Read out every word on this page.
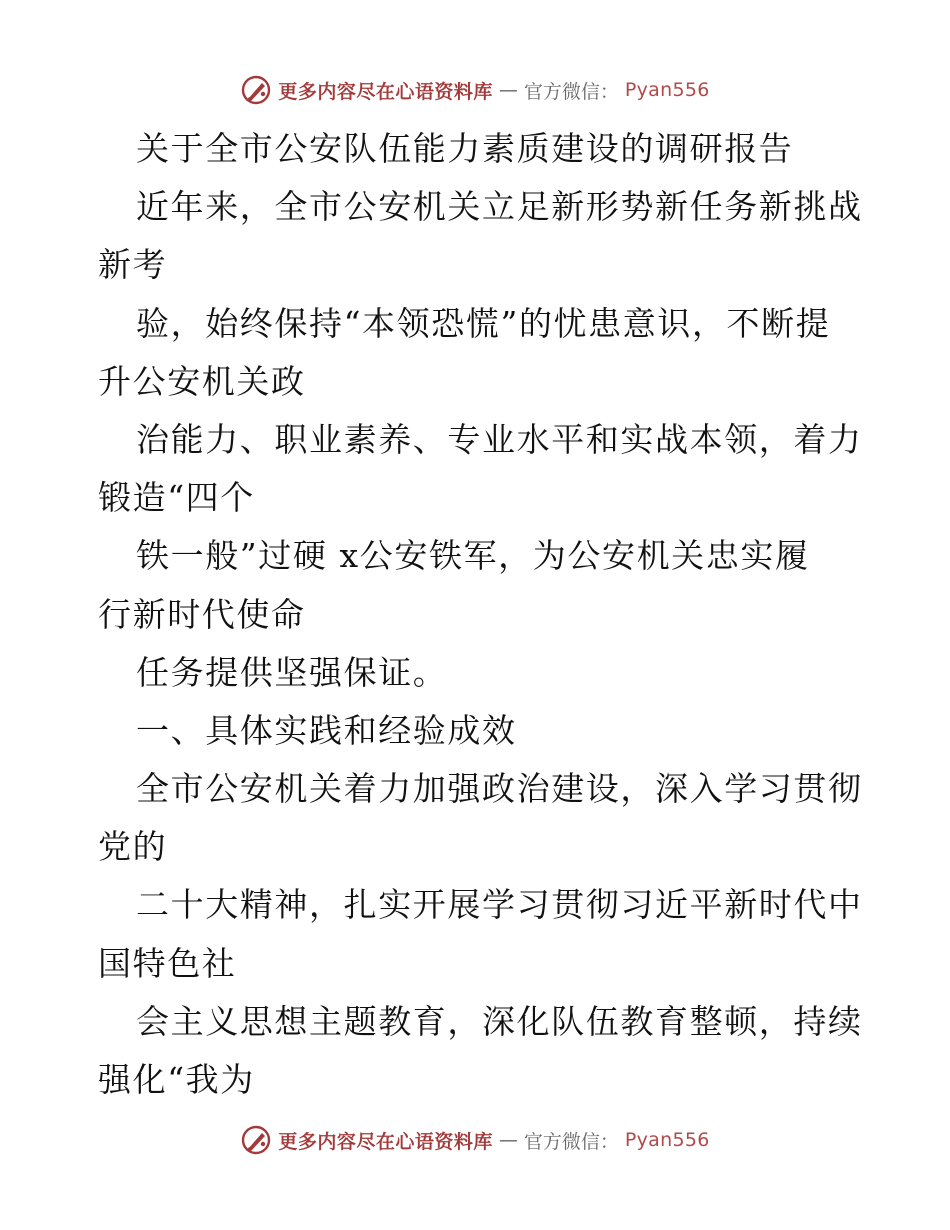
更多内容尽在心语资料库 — 官方微信： Pyan556
关于全市公安队伍能力素质建设的调研报告
近年来，全市公安机关立足新形势新任务新挑战
新考
验，始终保持“本领恐慌”的忧患意识，不断提
升公安机关政
治能力、职业素养、专业水平和实战本领，着力
锻造“四个
铁一般”过硬 x公安铁军，为公安机关忠实履
行新时代使命
任务提供坚强保证。
一、具体实践和经验成效
全市公安机关着力加强政治建设，深入学习贯彻
党的
二十大精神，扎实开展学习贯彻习近平新时代中
国特色社
会主义思想主题教育，深化队伍教育整顿，持续
强化“我为
更多内容尽在心语资料库 — 官方微信： Pyan556
